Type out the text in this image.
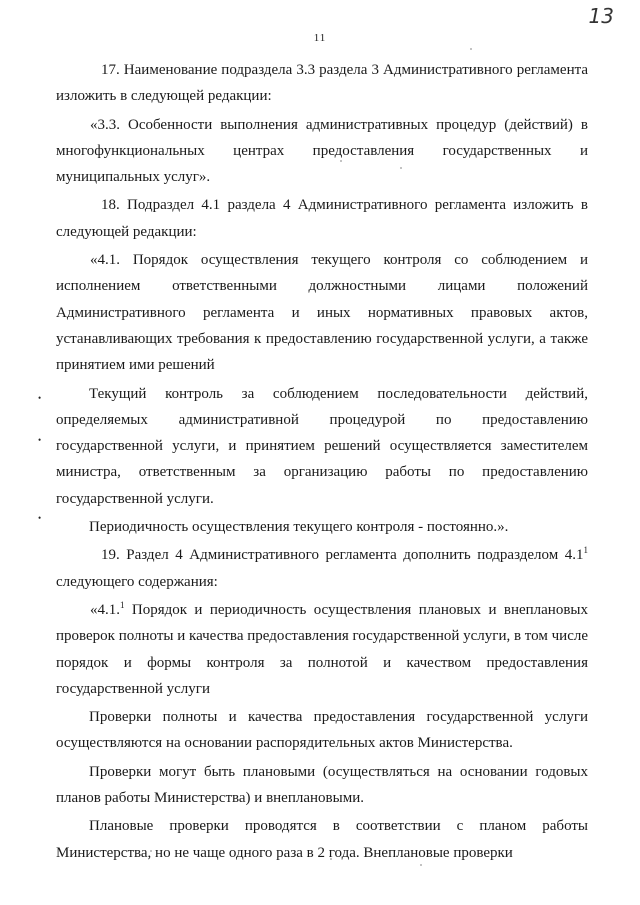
13
11
•
•
•

17. Наименование подраздела 3.3 раздела 3 Административного регламента изложить в следующей редакции:

«3.3. Особенности выполнения административных процедур (действий) в многофункциональных центрах предоставления государственных и муниципальных услуг».

18. Подраздел 4.1 раздела 4 Административного регламента изложить в следующей редакции:

«4.1. Порядок осуществления текущего контроля со соблюдением и исполнением ответственными должностными лицами положений Административного регламента и иных нормативных правовых актов, устанавливающих требования к предоставлению государственной услуги, а также принятием ими решений

Текущий контроль за соблюдением последовательности действий, определяемых административной процедурой по предоставлению государственной услуги, и принятием решений осуществляется заместителем министра, ответственным за организацию работы по предоставлению государственной услуги.

Периодичность осуществления текущего контроля - постоянно.».

19. Раздел 4 Административного регламента дополнить подразделом $4.1^1$ следующего содержания:

«4.1.$^1$ Порядок и периодичность осуществления плановых и внеплановых проверок полноты и качества предоставления государственной услуги, в том числе порядок и формы контроля за полнотой и качеством предоставления государственной услуги

Проверки полноты и качества предоставления государственной услуги осуществляются на основании распорядительных актов Министерства.

Проверки могут быть плановыми (осуществляться на основании годовых планов работы Министерства) и внеплановыми.

Плановые проверки проводятся в соответствии с планом работы Министерства, но не чаще одного раза в 2 года. Внеплановые проверки
